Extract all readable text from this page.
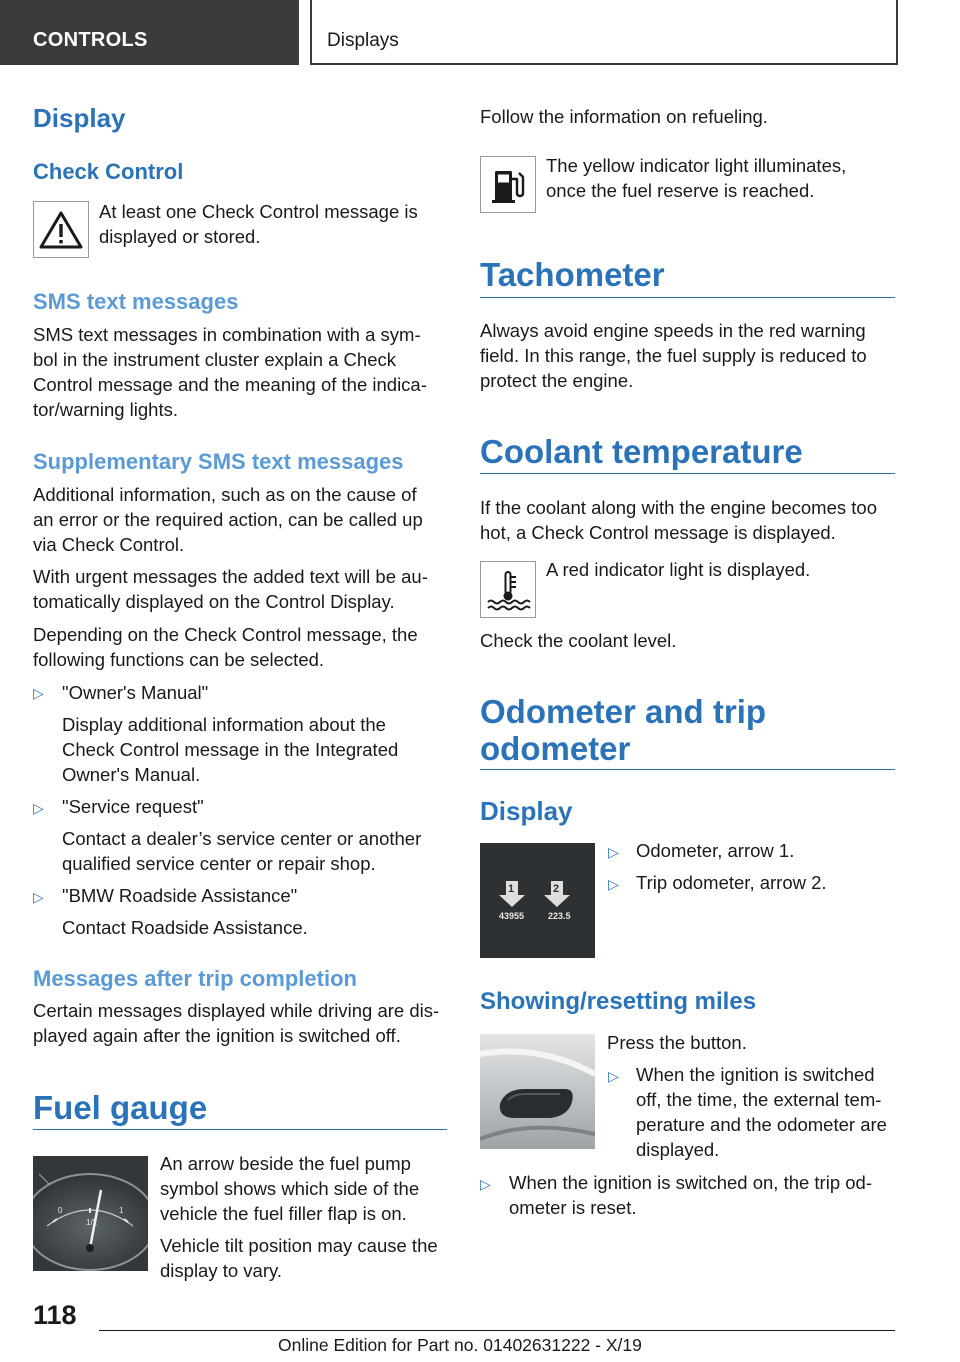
CONTROLS	Displays
Display
Check Control

At least one Check Control message is

displayed or stored.

SMS text messages

SMS text messages in combination with a sym‐

bol in the instrument cluster explain a Check

Control message and the meaning of the indica‐

tor/warning lights.

Supplementary SMS text messages

Additional information, such as on the cause of

an error or the required action, can be called up

via Check Control.

With urgent messages the added text will be au‐

tomatically displayed on the Control Display.

Depending on the Check Control message, the

following functions can be selected.

▷ "Owner's Manual"

Display additional information about the

Check Control message in the Integrated

Owner's Manual.

▷ "Service request"

Contact a dealer’s service center or another

qualified service center or repair shop.

▷ "BMW Roadside Assistance"

Contact Roadside Assistance.

Messages after trip completion

Certain messages displayed while driving are dis‐

played again after the ignition is switched off.

Fuel gauge
0
1/2
1

An arrow beside the fuel pump

symbol shows which side of the

vehicle the fuel filler flap is on.

Vehicle tilt position may cause the

display to vary.

Follow the information on refueling.

The yellow indicator light illuminates,

once the fuel reserve is reached.

Tachometer

Always avoid engine speeds in the red warning

field. In this range, the fuel supply is reduced to

protect the engine.

Coolant temperature

If the coolant along with the engine becomes too

hot, a Check Control message is displayed.

A red indicator light is displayed.

Check the coolant level.

Odometer and trip
odometer
Display
1	2
43955	223.5
▷ Odometer, arrow 1.

▷ Trip odometer, arrow 2.

Showing/resetting miles

Press the button.

▷ When the ignition is switched

off, the time, the external tem‐

perature and the odometer are

displayed.

▷ When the ignition is switched on, the trip od‐

ometer is reset.

118
Online Edition for Part no. 01402631222 - X/19
